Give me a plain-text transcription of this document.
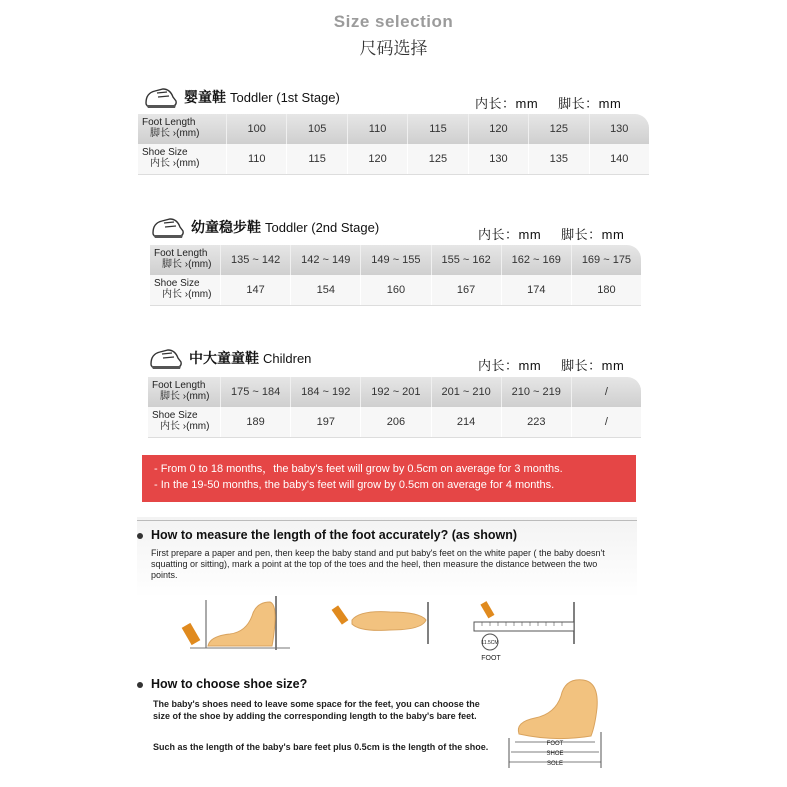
Size selection
尺码选择
婴童鞋 Toddler (1st Stage)	内长：mm 脚长：mm
Foot Length
脚长 ›(mm)	100	105	110	115	120	125	130
Shoe Size
内长 ›(mm)	110	115	120	125	130	135	140
幼童稳步鞋 Toddler (2nd Stage)	内长：mm 脚长：mm
Foot Length
脚长 ›(mm)	135 ~ 142	142 ~ 149	149 ~ 155	155 ~ 162	162 ~ 169	169 ~ 175
Shoe Size
内长 ›(mm)	147	154	160	167	174	180
中大童童鞋 Children	内长：mm 脚长：mm
Foot Length
脚长 ›(mm)	175 ~ 184	184 ~ 192	192 ~ 201	201 ~ 210	210 ~ 219	/
Shoe Size
内长 ›(mm)	189	197	206	214	223	/
- From 0 to 18 months，the baby's feet will grow by 0.5cm on average for 3 months.
- In the 19-50 months, the baby's feet will grow by 0.5cm on average for 4 months.
How to measure the length of the foot accurately? (as shown)
First prepare a paper and pen, then keep the baby stand and put baby's feet on the white paper ( the baby doesn't squatting or sitting), mark a point at the top of the toes and the heel, then measure the distance between the two points.
11.5CM
FOOT
How to choose shoe size?
The baby's shoes need to leave some space for the feet, you can choose the size of the shoe by adding the corresponding length to the baby's bare feet.
Such as the length of the baby's bare feet plus 0.5cm is the length of the shoe.	FOOT
SHOE
SOLE
